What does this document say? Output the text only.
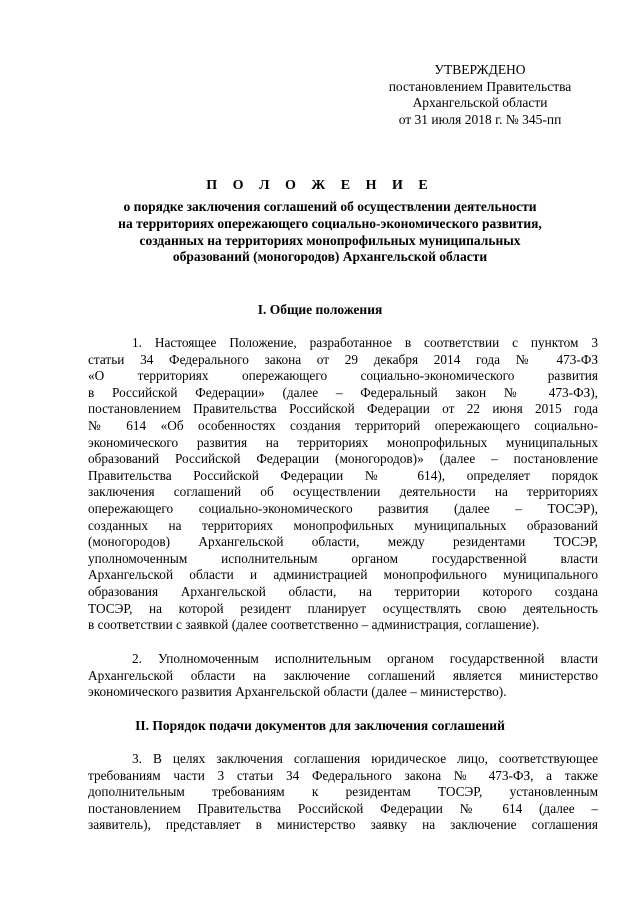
УТВЕРЖДЕНО
постановлением Правительства
Архангельской области
от 31 июля 2018 г. № 345-пп
П О Л О Ж Е Н И Е
о порядке заключения соглашений об осуществлении деятельности
на территориях опережающего социально-экономического развития,
созданных на территориях монопрофильных муниципальных
образований (моногородов) Архангельской области
I. Общие положения
1. Настоящее Положение, разработанное в соответствии с пунктом 3
статьи 34 Федерального закона от 29 декабря 2014 года № 473-ФЗ
«О территориях опережающего социально-экономического развития
в Российской Федерации» (далее – Федеральный закон № 473-ФЗ),
постановлением Правительства Российской Федерации от 22 июня 2015 года
№ 614 «Об особенностях создания территорий опережающего социально-
экономического развития на территориях монопрофильных муниципальных
образований Российской Федерации (моногородов)» (далее – постановление
Правительства Российской Федерации № 614), определяет порядок
заключения соглашений об осуществлении деятельности на территориях
опережающего социально-экономического развития (далее – ТОСЭР),
созданных на территориях монопрофильных муниципальных образований
(моногородов) Архангельской области, между резидентами ТОСЭР,
уполномоченным исполнительным органом государственной власти
Архангельской области и администрацией монопрофильного муниципального
образования Архангельской области, на территории которого создана
ТОСЭР, на которой резидент планирует осуществлять свою деятельность
в соответствии с заявкой (далее соответственно – администрация, соглашение).
2. Уполномоченным исполнительным органом государственной власти
Архангельской области на заключение соглашений является министерство
экономического развития Архангельской области (далее – министерство).
II. Порядок подачи документов для заключения соглашений
3. В целях заключения соглашения юридическое лицо, соответствующее
требованиям части 3 статьи 34 Федерального закона № 473-ФЗ, а также
дополнительным требованиям к резидентам ТОСЭР, установленным
постановлением Правительства Российской Федерации № 614 (далее –
заявитель), представляет в министерство заявку на заключение соглашения
